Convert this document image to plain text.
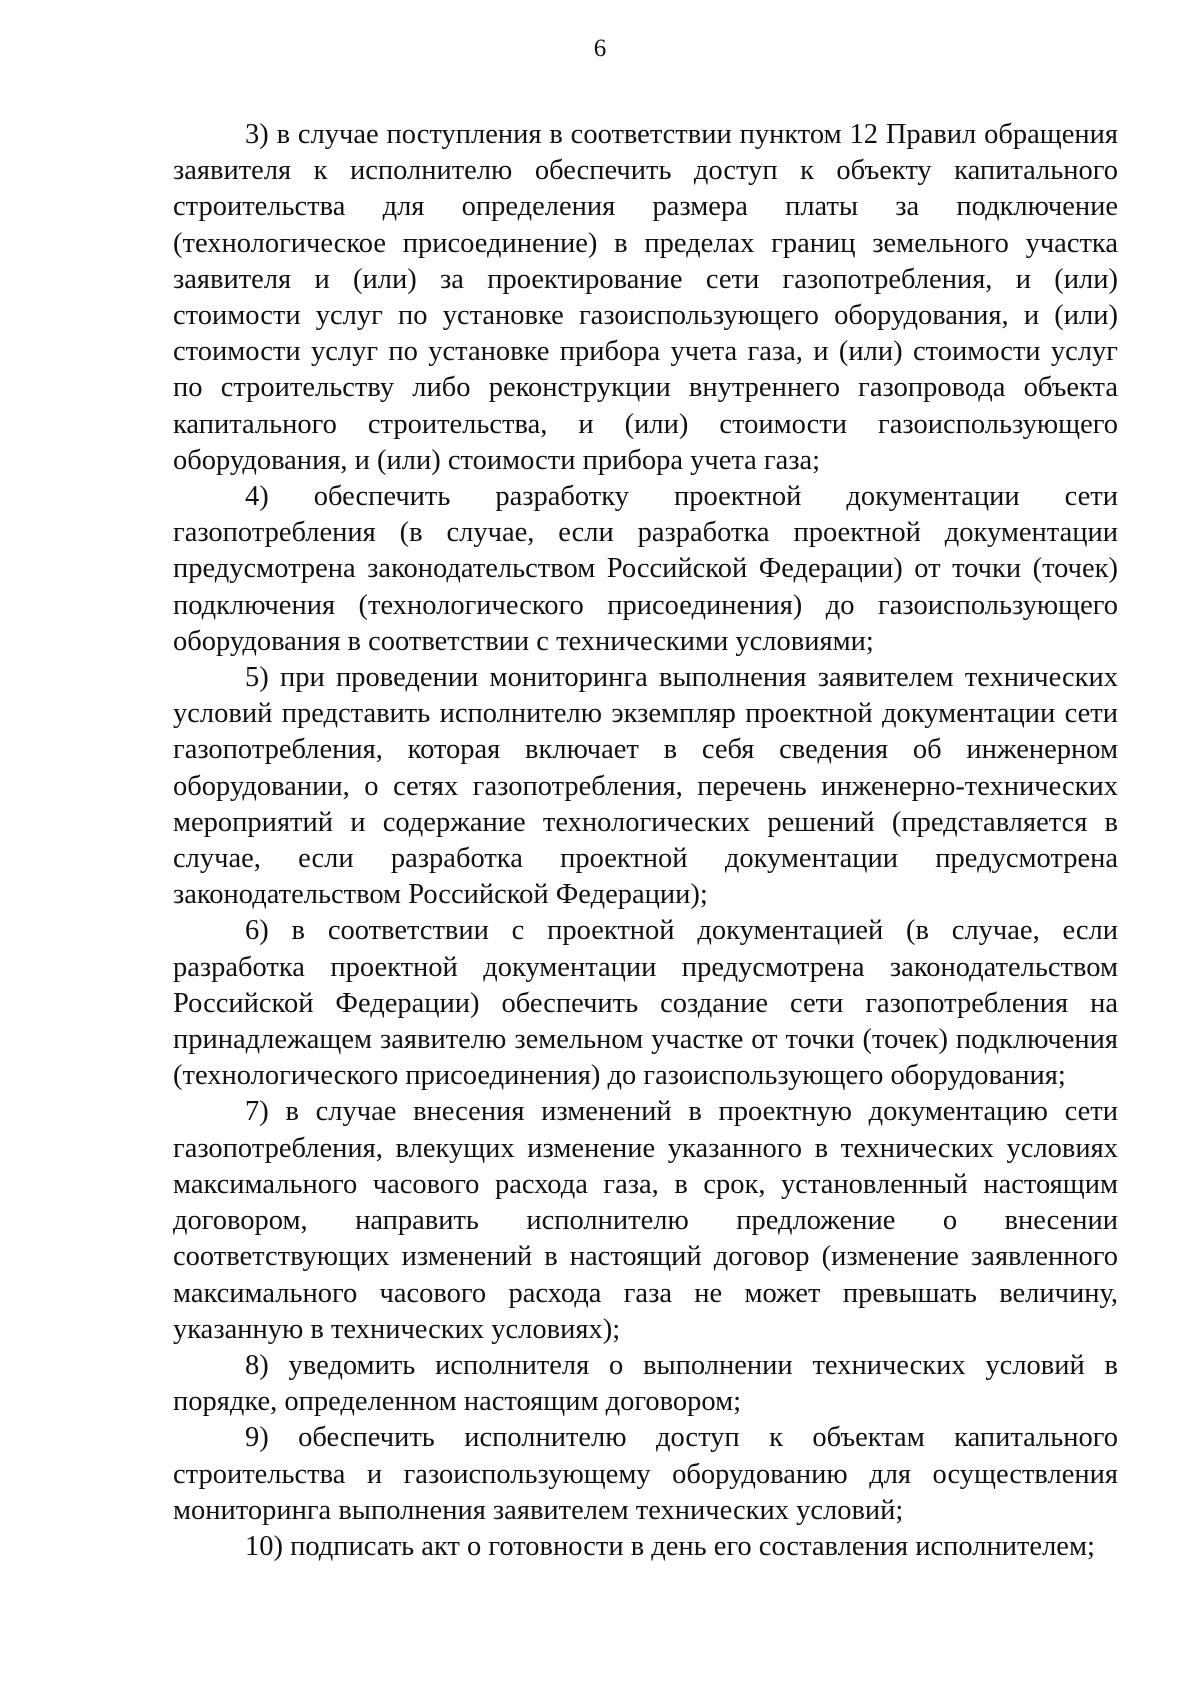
6

3) в случае поступления в соответствии пунктом 12 Правил обращения заявителя к исполнителю обеспечить доступ к объекту капитального строительства для определения размера платы за подключение (технологическое присоединение) в пределах границ земельного участка заявителя и (или) за проектирование сети газопотребления, и (или) стоимости услуг по установке газоиспользующего оборудования, и (или) стоимости услуг по установке прибора учета газа, и (или) стоимости услуг по строительству либо реконструкции внутреннего газопровода объекта капитального строительства, и (или) стоимости газоиспользующего оборудования, и (или) стоимости прибора учета газа;

4) обеспечить разработку проектной документации сети газопотребления (в случае, если разработка проектной документации предусмотрена законодательством Российской Федерации) от точки (точек) подключения (технологического присоединения) до газоиспользующего оборудования в соответствии с техническими условиями;

5) при проведении мониторинга выполнения заявителем технических условий представить исполнителю экземпляр проектной документации сети газопотребления, которая включает в себя сведения об инженерном оборудовании, о сетях газопотребления, перечень инженерно-технических мероприятий и содержание технологических решений (представляется в случае, если разработка проектной документации предусмотрена законодательством Российской Федерации);

6) в соответствии с проектной документацией (в случае, если разработка проектной документации предусмотрена законодательством Российской Федерации) обеспечить создание сети газопотребления на принадлежащем заявителю земельном участке от точки (точек) подключения (технологического присоединения) до газоиспользующего оборудования;

7) в случае внесения изменений в проектную документацию сети газопотребления, влекущих изменение указанного в технических условиях максимального часового расхода газа, в срок, установленный настоящим договором, направить исполнителю предложение о внесении соответствующих изменений в настоящий договор (изменение заявленного максимального часового расхода газа не может превышать величину, указанную в технических условиях);

8) уведомить исполнителя о выполнении технических условий в порядке, определенном настоящим договором;

9) обеспечить исполнителю доступ к объектам капитального строительства и газоиспользующему оборудованию для осуществления мониторинга выполнения заявителем технических условий;

10) подписать акт о готовности в день его составления исполнителем;
